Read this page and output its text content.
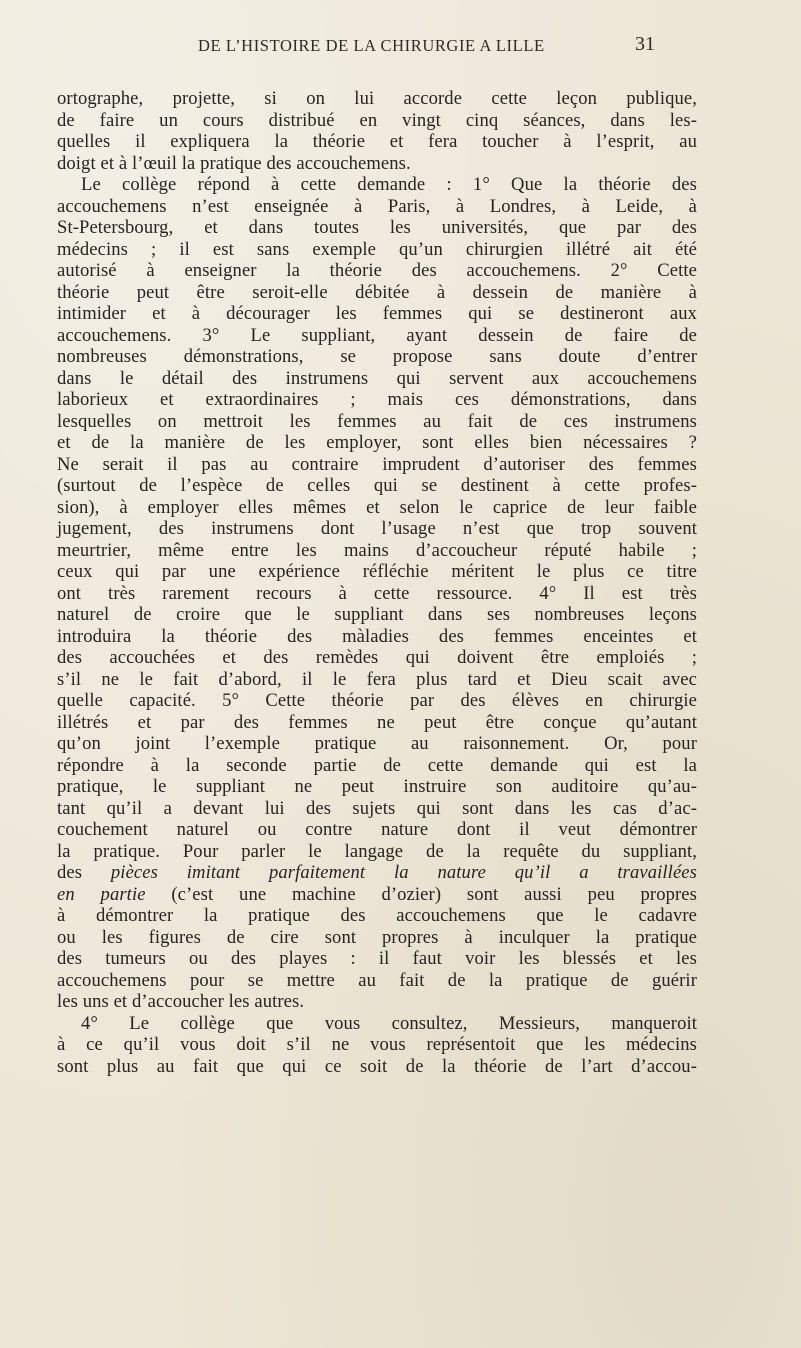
DE L’HISTOIRE DE LA CHIRURGIE A LILLE	31
ortographe, projette, si on lui accorde cette leçon publique,
de faire un cours distribué en vingt cinq séances, dans les-
quelles il expliquera la théorie et fera toucher à l’esprit, au
doigt et à l’œuil la pratique des accouchemens.
Le collège répond à cette demande : 1° Que la théorie des
accouchemens n’est enseignée à Paris, à Londres, à Leide, à
St-Petersbourg, et dans toutes les universités, que par des
médecins ; il est sans exemple qu’un chirurgien illétré ait été
autorisé à enseigner la théorie des accouchemens. 2° Cette
théorie peut être seroit-elle débitée à dessein de manière à
intimider et à décourager les femmes qui se destineront aux
accouchemens. 3° Le suppliant, ayant dessein de faire de
nombreuses démonstrations, se propose sans doute d’entrer
dans le détail des instrumens qui servent aux accouchemens
laborieux et extraordinaires ; mais ces démonstrations, dans
lesquelles on mettroit les femmes au fait de ces instrumens
et de la manière de les employer, sont elles bien nécessaires ?
Ne serait il pas au contraire imprudent d’autoriser des femmes
(surtout de l’espèce de celles qui se destinent à cette profes-
sion), à employer elles mêmes et selon le caprice de leur faible
jugement, des instrumens dont l’usage n’est que trop souvent
meurtrier, même entre les mains d’accoucheur réputé habile ;
ceux qui par une expérience réfléchie méritent le plus ce titre
ont très rarement recours à cette ressource. 4° Il est très
naturel de croire que le suppliant dans ses nombreuses leçons
introduira la théorie des màladies des femmes enceintes et
des accouchées et des remèdes qui doivent être emploiés ;
s’il ne le fait d’abord, il le fera plus tard et Dieu scait avec
quelle capacité. 5° Cette théorie par des élèves en chirurgie
illétrés et par des femmes ne peut être conçue qu’autant
qu’on joint l’exemple pratique au raisonnement. Or, pour
répondre à la seconde partie de cette demande qui est la
pratique, le suppliant ne peut instruire son auditoire qu’au-
tant qu’il a devant lui des sujets qui sont dans les cas d’ac-
couchement naturel ou contre nature dont il veut démontrer
la pratique. Pour parler le langage de la requête du suppliant,
des pièces imitant parfaitement la nature qu’il a travaillées
en partie (c’est une machine d’ozier) sont aussi peu propres
à démontrer la pratique des accouchemens que le cadavre
ou les figures de cire sont propres à inculquer la pratique
des tumeurs ou des playes : il faut voir les blessés et les
accouchemens pour se mettre au fait de la pratique de guérir
les uns et d’accoucher les autres.
4° Le collège que vous consultez, Messieurs, manqueroit
à ce qu’il vous doit s’il ne vous représentoit que les médecins
sont plus au fait que qui ce soit de la théorie de l’art d’accou-
